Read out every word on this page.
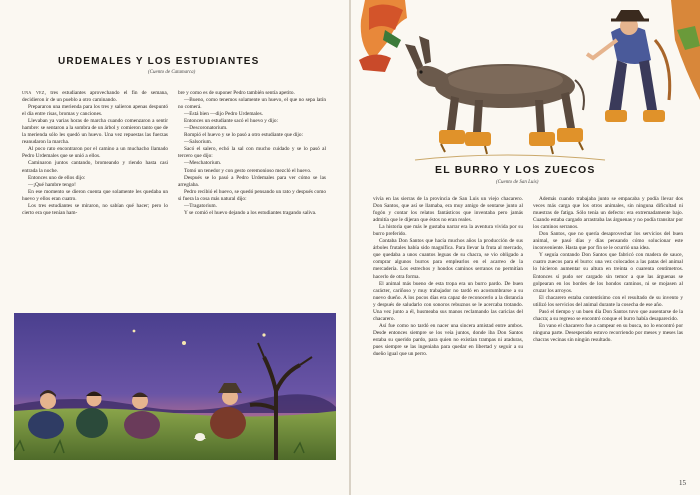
URDEMALES Y LOS ESTUDIANTES
(Cuento de Catamarca)

una vez, tres estudiantes aprovechando el fin de semana, decidieron ir de un pueblo a otro caminando.

Prepararon una merienda para los tres y salieron apenas despuntó el día entre risas, bromas y canciones.

Llevaban ya varias horas de marcha cuando comenzaron a sentir hambre: se sentaron a la sombra de un árbol y comieron tanto que de la merienda sólo les quedó un huevo. Una vez repuestas las fuerzas reanudaron la marcha.

Al poco rato encontraron por el camino a un muchacho llamado Pedro Urdemales que se unió a ellos.

Caminaron juntos cantando, bromeando y riendo hasta casi entrada la noche.

Entonces uno de ellos dijo:

—¡Qué hambre tengo!

En ese momento se dieron cuenta que solamente les quedaba un huevo y ellos eran cuatro.

Los tres estudiantes se miraron, no sabían qué hacer; pero lo cierto era que tenían ham-

bre y como es de suponer Pedro también sentía apetito.

—Bueno, como tenemos solamente un huevo, el que no sepa latín no comerá.

—Está bien —dijo Pedro Urdemales.

Entonces un estudiante sacó el huevo y dijo:

—Descoronatorium.

Rompió el huevo y se lo pasó a otro estudiante que dijo:

—Salsorium.

Sacó el salero, echó la sal con mucho cuidado y se lo pasó al tercero que dijo:

—Meschatorium.

Tomó un tenedor y con gesto ceremonioso mezcló el huevo.

Después se lo pasó a Pedro Urdemales para ver cómo se las arreglaba.

Pedro recibió el huevo, se quedó pensando un rato y después como si fuera la cosa más natural dijo:

—Tragatorium.

Y se comió el huevo dejando a los estudiantes tragando saliva.

EL BURRO Y LOS ZUECOS
(Cuento de San Luis)

vivía en las sierras de la provincia de San Luis un viejo chacarero. Don Santos, que así se llamaba, era muy amigo de sentarse junto al fogón y contar los relatos fantásticos que inventaba pero jamás admitía que le dijeran que éstos no eran reales.

La historia que más le gustaba narrar era la aventura vivida por su burro preferido.

Contaba Don Santos que hacía muchos años la producción de sus árboles frutales había sido magnífica. Para llevar la fruta al mercado, que quedaba a unos cuantos leguas de su chacra, se vio obligado a comprar algunos burros para emplearlos en el acarreo de la mercadería. Los estrechos y hondos caminos serranos no permitían hacerlo de otra forma.

El animal más bueno de esta tropa era un burro pardo. De buen carácter, cariñoso y muy trabajador no tardó en acostumbrarse a su nuevo dueño. A los pocos días era capaz de reconocerlo a la distancia y después de saludarlo con sonoros rebuznos se le acercaba trotando. Una vez junto a él, husmeaba sus manos reclamando las caricias del chacarero.

Así fue como no tardó en nacer una sincera amistad entre ambos. Desde entonces siempre se los veía juntos, donde iba Don Santos estaba su querido pardo, para quien no existían trampas ni ataduras, pues siempre se las ingeniaba para quedar en libertad y seguir a su dueño igual que un perro.

Además cuando trabajaba junto se empacaba y podía llevar dos veces más carga que los otros animales, sin ninguna dificultad ni muestras de fatiga. Sólo tenía un defecto: era extremadamente bajo. Cuando estaba cargado arrastraba las árguenas y no podía transitar por los caminos serranos.

Don Santos, que no quería desaprovechar los servicios del buen animal, se pasó días y días pensando cómo solucionar este inconveniente. Hasta que por fin se le ocurrió una idea.

Y seguía contando Don Santos que fabricó con madera de sauce, cuatro zuecos para el burro: una vez colocados a las patas del animal lo hicieron aumentar su altura en treinta o cuarenta centímetros. Entonces sí pudo ser cargado sin temor a que las árguenas se golpearan en los bordes de los hondos caminos, ni se mojasen al cruzar los arroyos.

El chacarero estaba contentísimo con el resultado de su invento y utilizó los servicios del animal durante la cosecha de ese año.

Pasó el tiempo y un buen día Don Santos tuvo que ausentarse de la chacra; a su regreso se encontró conque el burro había desaparecido.

En vano el chacarero fue a campear en su busca, no lo encontró por ninguna parte. Desesperado estuvo recorriendo por meses y meses las chacras vecinas sin ningún resultado.

15
